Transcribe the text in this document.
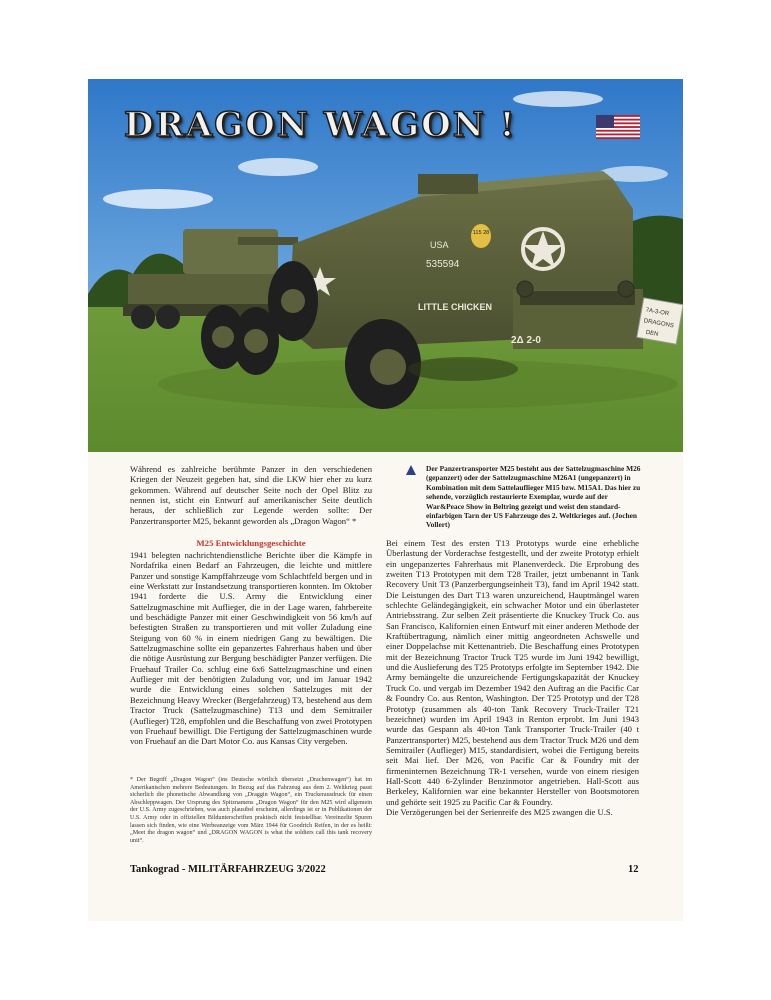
115 28
USA
535594
LITTLE CHICKEN
2Δ 2-0
7A-3-OR
DRAGONS
DEN
DRAGON WAGON !
Während es zahlreiche berühmte Panzer in den verschiedenen Kriegen der Neuzeit gegeben hat, sind die LKW hier eher zu kurz gekommen. Während auf deutscher Seite noch der Opel Blitz zu nennen ist, sticht ein Entwurf auf amerikanischer Seite deutlich heraus, der schließlich zur Legende werden sollte: Der Panzertransporter M25, bekannt geworden als „Dragon Wagon“ *
Der Panzertransporter M25 besteht aus der Sattelzugmaschine M26 (gepanzert) oder der Sattelzugmaschine M26A1 (ungepanzert) in Kombination mit dem Sattelauflieger M15 bzw. M15A1. Das hier zu sehende, vorzüglich restaurierte Exemplar, wurde auf der War&Peace Show in Beltring gezeigt und weist den standard-einfarbigen Tarn der US Fahrzeuge des 2. Weltkrieges auf. (Jochen Vollert)
M25 Entwicklungsgeschichte
1941 belegten nachrichtendienstliche Berichte über die Kämpfe in Nordafrika einen Bedarf an Fahrzeugen, die leichte und mittlere Panzer und sonstige Kampffahrzeuge vom Schlachtfeld bergen und in eine Werkstatt zur Instandsetzung transportieren konnten. Im Oktober 1941 forderte die U.S. Army die Entwicklung einer Sattelzugmaschine mit Auflieger, die in der Lage waren, fahrbereite und beschädigte Panzer mit einer Geschwindigkeit von 56 km/h auf befestigten Straßen zu transportieren und mit voller Zuladung eine Steigung von 60 % in einem niedrigen Gang zu bewältigen. Die Sattelzugmaschine sollte ein gepanzertes Fahrerhaus haben und über die nötige Ausrüstung zur Bergung beschädigter Panzer verfügen. Die Fruehauf Trailer Co. schlug eine 6x6 Sattelzugmaschine und einen Auflieger mit der benötigten Zuladung vor, und im Januar 1942 wurde die Entwicklung eines solchen Sattelzuges mit der Bezeichnung Heavy Wrecker (Bergefahrzeug) T3, bestehend aus dem Tractor Truck (Sattelzugmaschine) T13 und dem Semitrailer (Auflieger) T28, empfohlen und die Beschaffung von zwei Prototypen von Fruehauf bewilligt. Die Fertigung der Sattelzugmaschinen wurde von Fruehauf an die Dart Motor Co. aus Kansas City vergeben.
* Der Begriff „Dragon Wagon“ (ins Deutsche wörtlich übersetzt „Drachenwagen“) hat im Amerikanischen mehrere Bedeutungen. In Bezug auf das Fahrzeug aus dem 2. Weltkrieg passt sicherlich die phonetische Abwandlung von „Draggin Wagon“, ein Truckerausdruck für einen Abschleppwagen. Der Ursprung des Spitznamens „Dragon Wagon“ für den M25 wird allgemein der U.S. Army zugeschrieben, was auch plausibel erscheint, allerdings ist er in Publikationen der U.S. Army oder in offiziellen Bildunterschriften praktisch nicht feststellbar. Vereinzelte Spuren lassen sich finden, wie eine Werbeanzeige vom März 1944 für Goodrich Reifen, in der es heißt: „Meet the dragon wagon“ und „DRAGON WAGON is what the soldiers call this tank recovery unit“.
Bei einem Test des ersten T13 Prototyps wurde eine erhebliche Überlastung der Vorderachse festgestellt, und der zweite Prototyp erhielt ein ungepanzertes Fahrerhaus mit Planenverdeck. Die Erprobung des zweiten T13 Prototypen mit dem T28 Trailer, jetzt umbenannt in Tank Recovery Unit T3 (Panzerbergungseinheit T3), fand im April 1942 statt. Die Leistungen des Dart T13 waren unzureichend, Hauptmängel waren schlechte Geländegängigkeit, ein schwacher Motor und ein überlasteter Antriebsstrang. Zur selben Zeit präsentierte die Knuckey Truck Co. aus San Francisco, Kalifornien einen Entwurf mit einer anderen Methode der Kraftübertragung, nämlich einer mittig angeordneten Achswelle und einer Doppelachse mit Kettenantrieb. Die Beschaffung eines Prototypen mit der Bezeichnung Tractor Truck T25 wurde im Juni 1942 bewilligt, und die Auslieferung des T25 Prototyps erfolgte im September 1942. Die Army bemängelte die unzureichende Fertigungskapazität der Knuckey Truck Co. und vergab im Dezember 1942 den Auftrag an die Pacific Car & Foundry Co. aus Renton, Washington. Der T25 Prototyp und der T28 Prototyp (zusammen als 40-ton Tank Recovery Truck-Trailer T21 bezeichnet) wurden im April 1943 in Renton erprobt. Im Juni 1943 wurde das Gespann als 40-ton Tank Transporter Truck-Trailer (40 t Panzertransporter) M25, bestehend aus dem Tractor Truck M26 und dem Semitrailer (Auflieger) M15, standardisiert, wobei die Fertigung bereits seit Mai lief. Der M26, von Pacific Car & Foundry mit der firmeninternen Bezeichnung TR-1 versehen, wurde von einem riesigen Hall-Scott 440 6-Zylinder Benzinmotor angetrieben. Hall-Scott aus Berkeley, Kalifornien war eine bekannter Hersteller von Bootsmotoren und gehörte seit 1925 zu Pacific Car & Foundry.
Die Verzögerungen bei der Serienreife des M25 zwangen die U.S.
Tankograd - MILITÄRFAHRZEUG 3/2022	12
